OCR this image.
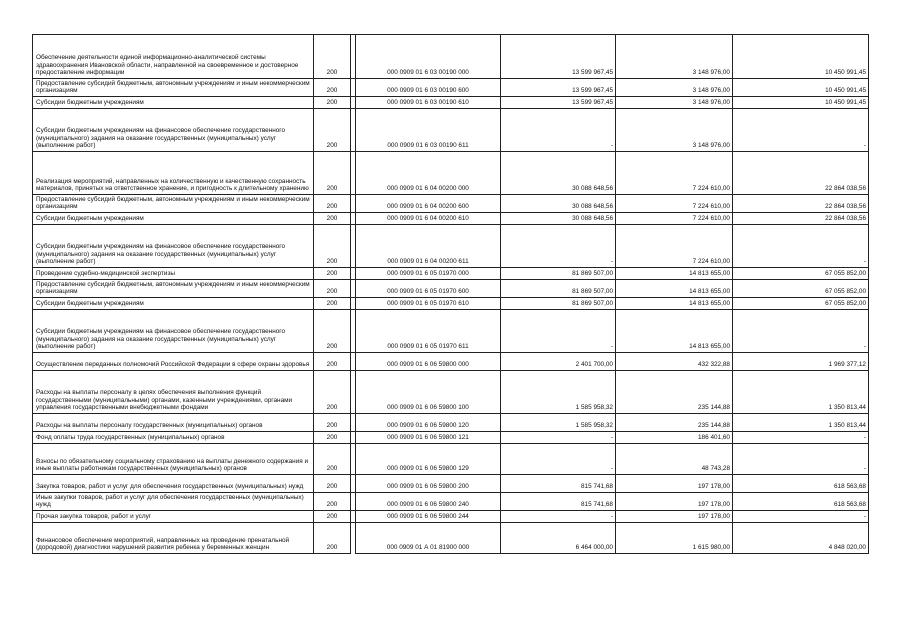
Обеспечение деятельности единой информационно-аналитической системы здравоохранения Ивановской области, направленной на своевременное и достоверное предоставление информации	200		000 0909 01 6 03 00190 000	13 599 967,45	3 148 976,00	10 450 991,45
Предоставление субсидий бюджетным, автономным учреждениям и иным некоммерческим организациям	200		000 0909 01 6 03 00190 600	13 599 967,45	3 148 976,00	10 450 991,45
Субсидии бюджетным учреждениям	200		000 0909 01 6 03 00190 610	13 599 967,45	3 148 976,00	10 450 991,45
Субсидии бюджетным учреждениям на финансовое обеспечение государственного (муниципального) задания на оказание государственных (муниципальных) услуг (выполнение работ)	200		000 0909 01 6 03 00190 611	-	3 148 976,00	-
Реализация мероприятий, направленных на количественную и качественную сохранность материалов, принятых на ответственное хранение, и пригодность к длительному хранению	200		000 0909 01 6 04 00200 000	30 088 648,56	7 224 610,00	22 864 038,56
Предоставление субсидий бюджетным, автономным учреждениям и иным некоммерческим организациям	200		000 0909 01 6 04 00200 600	30 088 648,56	7 224 610,00	22 864 038,56
Субсидии бюджетным учреждениям	200		000 0909 01 6 04 00200 610	30 088 648,56	7 224 610,00	22 864 038,56
Субсидии бюджетным учреждениям на финансовое обеспечение государственного (муниципального) задания на оказание государственных (муниципальных) услуг (выполнение работ)	200		000 0909 01 6 04 00200 611	-	7 224 610,00	-
Проведение судебно-медицинской экспертизы	200		000 0909 01 6 05 01970 000	81 869 507,00	14 813 655,00	67 055 852,00
Предоставление субсидий бюджетным, автономным учреждениям и иным некоммерческим организациям	200		000 0909 01 6 05 01970 600	81 869 507,00	14 813 655,00	67 055 852,00
Субсидии бюджетным учреждениям	200		000 0909 01 6 05 01970 610	81 869 507,00	14 813 655,00	67 055 852,00
Субсидии бюджетным учреждениям на финансовое обеспечение государственного (муниципального) задания на оказание государственных (муниципальных) услуг (выполнение работ)	200		000 0909 01 6 05 01970 611	-	14 813 655,00	-
Осуществление переданных полномочий Российской Федерации в сфере охраны здоровья	200		000 0909 01 6 06 59800 000	2 401 700,00	432 322,88	1 969 377,12
Расходы на выплаты персоналу в целях обеспечения выполнения функций государственными (муниципальными) органами, казенными учреждениями, органами управления государственными внебюджетными фондами	200		000 0909 01 6 06 59800 100	1 585 958,32	235 144,88	1 350 813,44
Расходы на выплаты персоналу государственных (муниципальных) органов	200		000 0909 01 6 06 59800 120	1 585 958,32	235 144,88	1 350 813,44
Фонд оплаты труда государственных (муниципальных) органов	200		000 0909 01 6 06 59800 121	-	186 401,60	-
Взносы по обязательному социальному страхованию на выплаты денежного содержания и иные выплаты работникам государственных (муниципальных) органов	200		000 0909 01 6 06 59800 129	-	48 743,28	-
Закупка товаров, работ и услуг для обеспечения государственных (муниципальных) нужд	200		000 0909 01 6 06 59800 200	815 741,68	197 178,00	618 563,68
Иные закупки товаров, работ и услуг для обеспечения государственных (муниципальных) нужд	200		000 0909 01 6 06 59800 240	815 741,68	197 178,00	618 563,68
Прочая закупка товаров, работ и услуг	200		000 0909 01 6 06 59800 244	-	197 178,00	-
Финансовое обеспечение мероприятий, направленных на проведение пренатальной (дородовой) диагностики нарушений развития ребенка у беременных женщин	200		000 0909 01 А 01 81900 000	6 464 000,00	1 615 980,00	4 848 020,00
